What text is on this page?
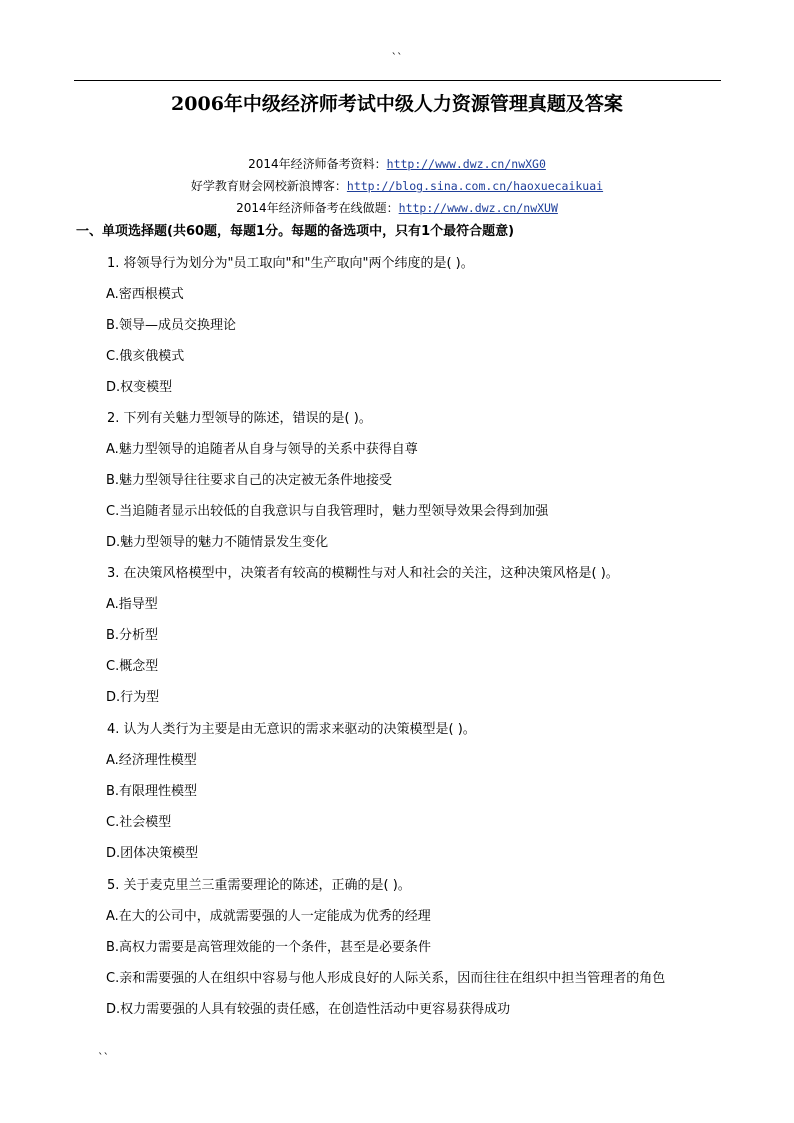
``
2006年中级经济师考试中级人力资源管理真题及答案
2014年经济师备考资料：http://www.dwz.cn/nwXG0
好学教育财会网校新浪博客：http://blog.sina.com.cn/haoxuecaikuai
2014年经济师备考在线做题：http://www.dwz.cn/nwXUW
一、单项选择题(共60题，每题1分。每题的备选项中，只有1个最符合题意)
1. 将领导行为划分为"员工取向"和"生产取向"两个纬度的是( )。
A.密西根模式
B.领导—成员交换理论
C.俄亥俄模式
D.权变模型
2. 下列有关魅力型领导的陈述，错误的是( )。
A.魅力型领导的追随者从自身与领导的关系中获得自尊
B.魅力型领导往往要求自己的决定被无条件地接受
C.当追随者显示出较低的自我意识与自我管理时，魅力型领导效果会得到加强
D.魅力型领导的魅力不随情景发生变化
3. 在决策风格模型中，决策者有较高的模糊性与对人和社会的关注，这种决策风格是( )。
A.指导型
B.分析型
C.概念型
D.行为型
4. 认为人类行为主要是由无意识的需求来驱动的决策模型是( )。
A.经济理性模型
B.有限理性模型
C.社会模型
D.团体决策模型
5. 关于麦克里兰三重需要理论的陈述，正确的是( )。
A.在大的公司中，成就需要强的人一定能成为优秀的经理
B.高权力需要是高管理效能的一个条件，甚至是必要条件
C.亲和需要强的人在组织中容易与他人形成良好的人际关系，因而往往在组织中担当管理者的角色
D.权力需要强的人具有较强的责任感，在创造性活动中更容易获得成功
``
